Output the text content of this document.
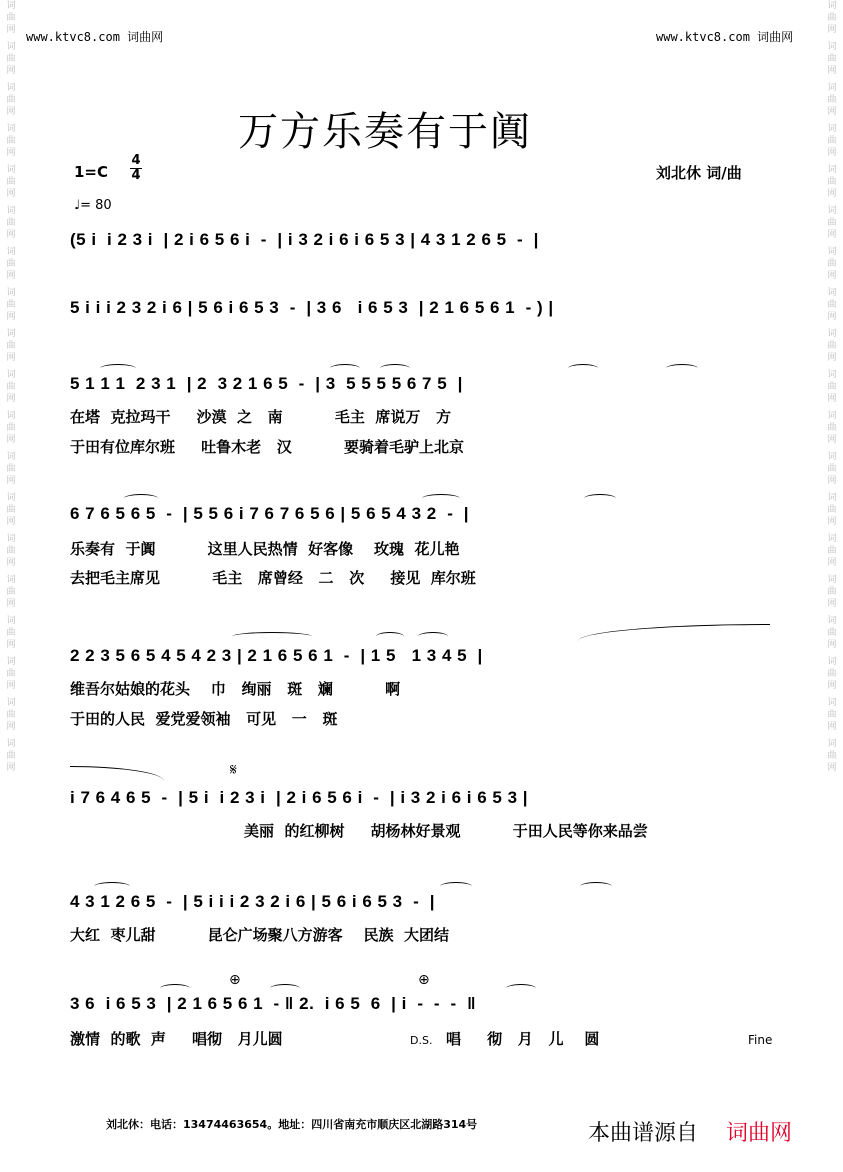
词
曲
网
词
曲
网
词
曲
网
词
曲
网
词
曲
网
词
曲
网
词
曲
网
词
曲
网
词
曲
网
词
曲
网
词
曲
网
词
曲
网
词
曲
网
词
曲
网
词
曲
网
词
曲
网
词
曲
网
词
曲
网
词
曲
网
词
曲
网
词
曲
网
词
曲
网
词
曲
网
词
曲
网
词
曲
网
词
曲
网
词
曲
网
词
曲
网
词
曲
网
词
曲
网
词
曲
网
词
曲
网
词
曲
网
词
曲
网
词
曲
网
词
曲
网
词
曲
网
词
曲
网
www.ktvc8.com 词曲网	www.ktvc8.com 词曲网
万方乐奏有于阗
1=C
4
4
♩= 80
刘北休 词/曲
(5 i  i 2 3 i  | 2 i 6 5 6 i  -  | i 3 2 i 6 i 6 5 3 | 4 3 1 2 6 5  -  |
5 i i i 2 3 2 i 6 | 5 6 i 6 5 3  -  | 3 6   i 6 5 3  | 2 1 6 5 6 1  - ) |
5 1 1 1  2 3 1  | 2  3 2 1 6 5  -  | 3  5 5 5 5 6 7 5  |
在塔  克拉玛干     沙漠  之   南          毛主  席说万   方
于田有位库尔班     吐鲁木老   汉          要骑着毛驴上北京
6 7 6 5 6 5  -  | 5 5 6 i 7 6 7 6 5 6 | 5 6 5 4 3 2  -  |
乐奏有  于阗          这里人民热情  好客像    玫瑰  花儿艳
去把毛主席见          毛主   席曾经   二   次     接见  库尔班
2 2 3 5 6 5 4 5 4 2 3 | 2 1 6 5 6 1  -  | 1 5   1 3 4 5  |
维吾尔姑娘的花头    巾   绚丽   斑   斓          啊
于田的人民  爱党爱领袖   可见   一   斑
𝄋
i 7 6 4 6 5  -  | 5 i  i 2 3 i  | 2 i 6 5 6 i  -  | i 3 2 i 6 i 6 5 3 |
美丽  的红柳树     胡杨林好景观          于田人民等你来品尝
4 3 1 2 6 5  -  | 5 i i i 2 3 2 i 6 | 5 6 i 6 5 3  -  |
大红  枣儿甜          昆仑广场聚八方游客    民族  大团结
⊕	⊕
3 6  i 6 5 3  | 2 1 6 5 6 1  - ‖ 2.  i 6 5  6  | i  -  -  -  ‖
激情  的歌  声     唱彻   月儿圆	D.S. 唱     彻   月   儿    圆	Fine
刘北休：电话：13474463654。地址：四川省南充市顺庆区北湖路314号	本曲谱源自 词曲网
